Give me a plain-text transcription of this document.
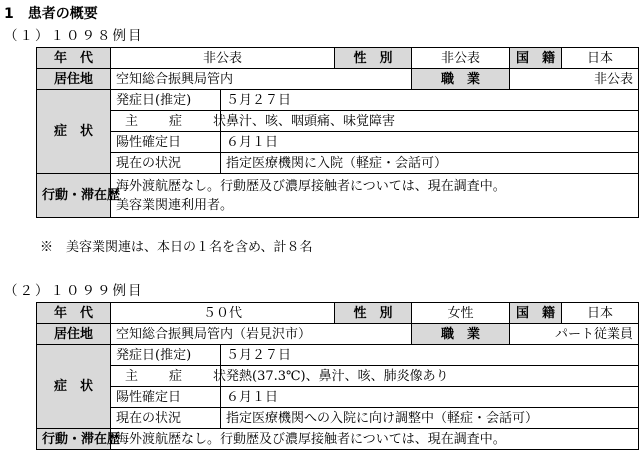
1　患者の概要
（１）１０９８例目
年　代	非公表		性　別	非公表	国　籍	日本
居住地	空知総合振興局管内			職　業	非公表	
症　状	発症日(推定)	５月２７日				
	主　症　状	鼻汁、咳、咽頭痛、味覚障害				
	陽性確定日	６月１日				
	現在の状況	指定医療機関に入院（軽症・会話可）				
行動・滞在歴	海外渡航歴なし。行動歴及び濃厚接触者については、現在調査中。
美容業関連利用者。					
※　美容業関連は、本日の１名を含め、計８名
（２）１０９９例目
年　代	５０代		性　別	女性	国　籍	日本
居住地	空知総合振興局管内（岩見沢市）			職　業	パート従業員	
症　状	発症日(推定)	５月２７日				
	主　症　状	発熱(37.3℃)、鼻汁、咳、肺炎像あり				
	陽性確定日	６月１日				
	現在の状況	指定医療機関への入院に向け調整中（軽症・会話可）				
行動・滞在歴	海外渡航歴なし。行動歴及び濃厚接触者については、現在調査中。					
